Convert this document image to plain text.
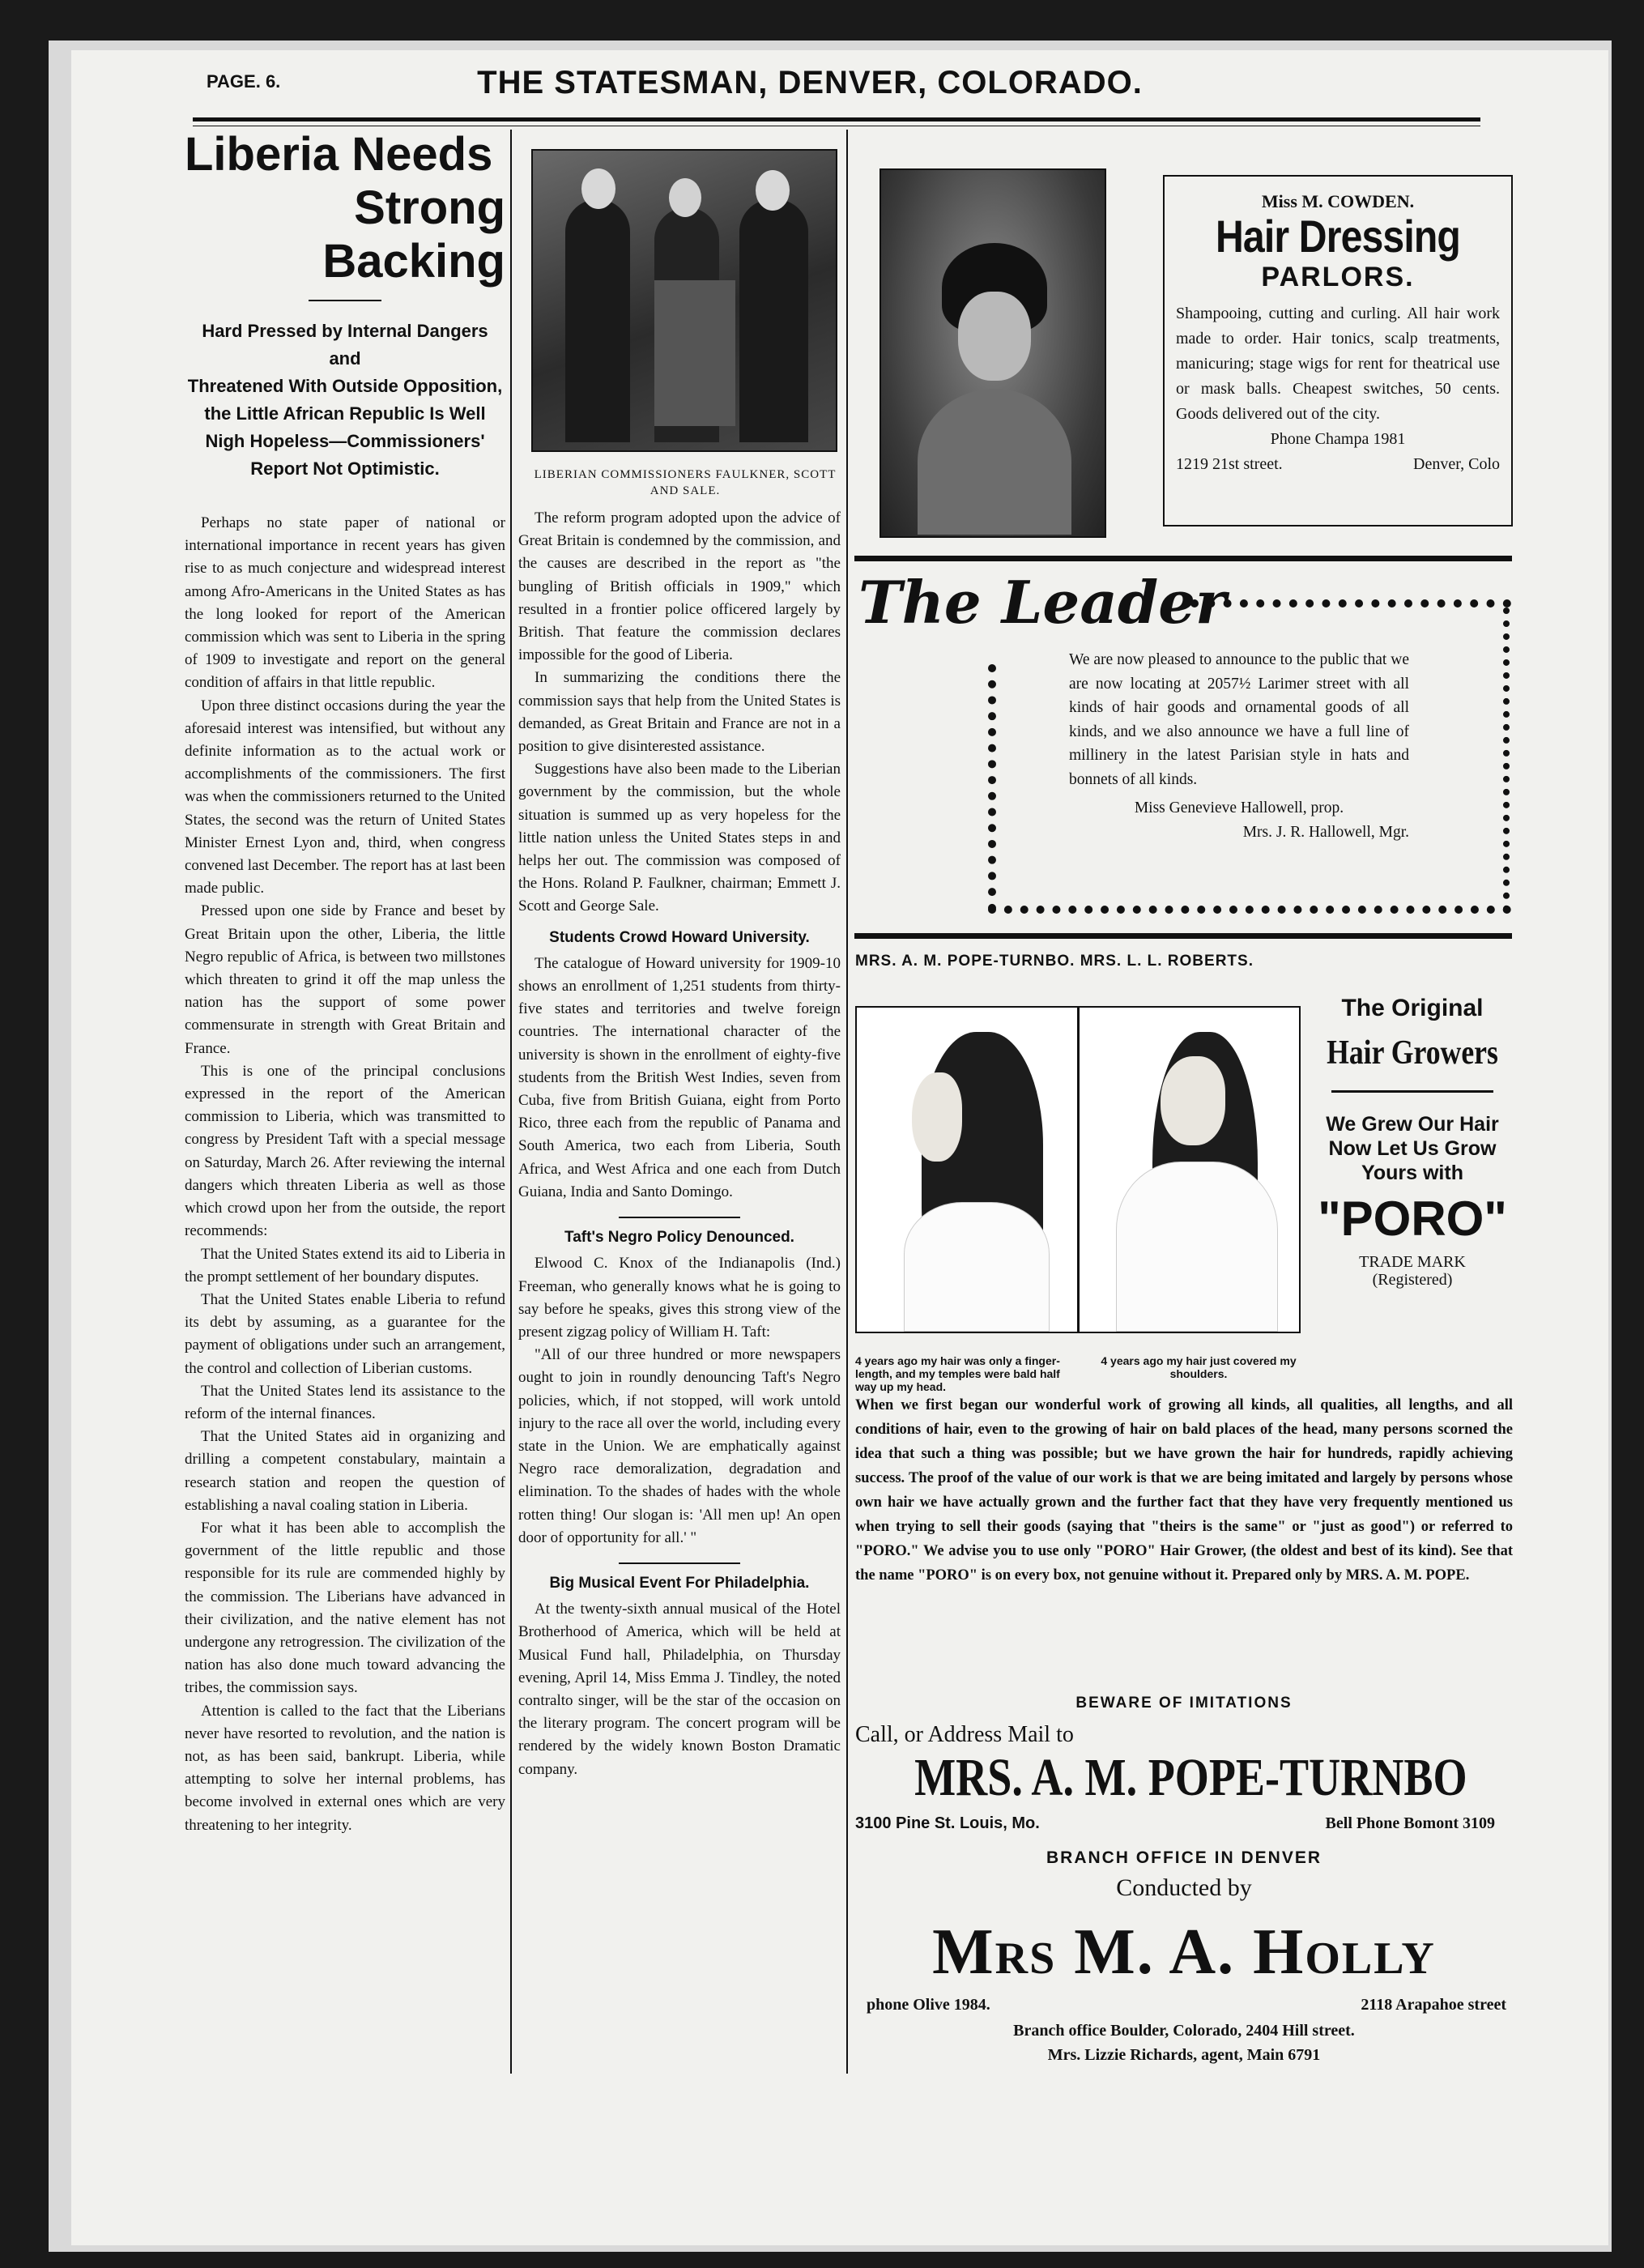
PAGE. 6.	THE STATESMAN, DENVER, COLORADO.
Liberia Needs
Strong Backing
Hard Pressed by Internal Dangers and
Threatened With Outside Opposition,
the Little African Republic Is Well
Nigh Hopeless—Commissioners'
Report Not Optimistic.

Perhaps no state paper of national or international importance in recent years has given rise to as much conjecture and widespread interest among Afro-Americans in the United States as has the long looked for report of the American commission which was sent to Liberia in the spring of 1909 to investigate and report on the general condition of affairs in that little republic.

Upon three distinct occasions during the year the aforesaid interest was intensified, but without any definite information as to the actual work or accomplishments of the commissioners. The first was when the commissioners returned to the United States, the second was the return of United States Minister Ernest Lyon and, third, when congress convened last December. The report has at last been made public.

Pressed upon one side by France and beset by Great Britain upon the other, Liberia, the little Negro republic of Africa, is between two millstones which threaten to grind it off the map unless the nation has the support of some power commensurate in strength with Great Britain and France.

This is one of the principal conclusions expressed in the report of the American commission to Liberia, which was transmitted to congress by President Taft with a special message on Saturday, March 26. After reviewing the internal dangers which threaten Liberia as well as those which crowd upon her from the outside, the report recommends:

That the United States extend its aid to Liberia in the prompt settlement of her boundary disputes.

That the United States enable Liberia to refund its debt by assuming, as a guarantee for the payment of obligations under such an arrangement, the control and collection of Liberian customs.

That the United States lend its assistance to the reform of the internal finances.

That the United States aid in organizing and drilling a competent constabulary, maintain a research station and reopen the question of establishing a naval coaling station in Liberia.

For what it has been able to accomplish the government of the little republic and those responsible for its rule are commended highly by the commission. The Liberians have advanced in their civilization, and the native element has not undergone any retrogression. The civilization of the nation has also done much toward advancing the tribes, the commission says.

Attention is called to the fact that the Liberians never have resorted to revolution, and the nation is not, as has been said, bankrupt. Liberia, while attempting to solve her internal problems, has become involved in external ones which are very threatening to her integrity.

LIBERIAN COMMISSIONERS FAULKNER, SCOTT AND SALE.

The reform program adopted upon the advice of Great Britain is condemned by the commission, and the causes are described in the report as "the bungling of British officials in 1909," which resulted in a frontier police officered largely by British. That feature the commission declares impossible for the good of Liberia.

In summarizing the conditions there the commission says that help from the United States is demanded, as Great Britain and France are not in a position to give disinterested assistance.

Suggestions have also been made to the Liberian government by the commission, but the whole situation is summed up as very hopeless for the little nation unless the United States steps in and helps her out. The commission was composed of the Hons. Roland P. Faulkner, chairman; Emmett J. Scott and George Sale.

Students Crowd Howard University.

The catalogue of Howard university for 1909-10 shows an enrollment of 1,251 students from thirty-five states and territories and twelve foreign countries. The international character of the university is shown in the enrollment of eighty-five students from the British West Indies, seven from Cuba, five from British Guiana, eight from Porto Rico, three each from the republic of Panama and South America, two each from Liberia, South Africa, and West Africa and one each from Dutch Guiana, India and Santo Domingo.

Taft's Negro Policy Denounced.

Elwood C. Knox of the Indianapolis (Ind.) Freeman, who generally knows what he is going to say before he speaks, gives this strong view of the present zigzag policy of William H. Taft:

"All of our three hundred or more newspapers ought to join in roundly denouncing Taft's Negro policies, which, if not stopped, will work untold injury to the race all over the world, including every state in the Union. We are emphatically against Negro race demoralization, degradation and elimination. To the shades of hades with the whole rotten thing! Our slogan is: 'All men up! An open door of opportunity for all.' "

Big Musical Event For Philadelphia.

At the twenty-sixth annual musical of the Hotel Brotherhood of America, which will be held at Musical Fund hall, Philadelphia, on Thursday evening, April 14, Miss Emma J. Tindley, the noted contralto singer, will be the star of the occasion on the literary program. The concert program will be rendered by the widely known Boston Dramatic company.

Miss M. COWDEN.
Hair Dressing
PARLORS.
Shampooing, cutting and curling. All hair work made to order. Hair tonics, scalp treatments, manicuring; stage wigs for rent for theatrical use or mask balls. Cheapest switches, 50 cents. Goods delivered out of the city.
Phone Champa 1981
1219 21st street.	Denver, Colo
The Leader
We are now pleased to announce to the public that we are now locating at 2057½ Larimer street with all kinds of hair goods and ornamental goods of all kinds, and we also announce we have a full line of millinery in the latest Parisian style in hats and bonnets of all kinds.
Miss Genevieve Hallowell, prop.
Mrs. J. R. Hallowell, Mgr.
MRS. A. M. POPE-TURNBO. MRS. L. L. ROBERTS.
4 years ago my hair was only a finger-length, and my temples were bald half way up my head.
4 years ago my hair just covered my shoulders.
The Original
Hair Growers
We Grew Our Hair Now Let Us Grow Yours with
"PORO"
TRADE MARK
(Registered)
When we first began our wonderful work of growing all kinds, all qualities, all lengths, and all conditions of hair, even to the growing of hair on bald places of the head, many persons scorned the idea that such a thing was possible; but we have grown the hair for hundreds, rapidly achieving success. The proof of the value of our work is that we are being imitated and largely by persons whose own hair we have actually grown and the further fact that they have very frequently mentioned us when trying to sell their goods (saying that "theirs is the same" or "just as good") or referred to "PORO." We advise you to use only "PORO" Hair Grower, (the oldest and best of its kind). See that the name "PORO" is on every box, not genuine without it. Prepared only by MRS. A. M. POPE.
BEWARE OF IMITATIONS
Call, or Address Mail to
MRS. A. M. POPE-TURNBO
3100 Pine St. Louis, Mo.	Bell Phone Bomont 3109
BRANCH OFFICE IN DENVER
Conducted by
Mrs M. A. Holly
phone Olive 1984.	2118 Arapahoe street
Branch office Boulder, Colorado, 2404 Hill street.
Mrs. Lizzie Richards, agent, Main 6791
